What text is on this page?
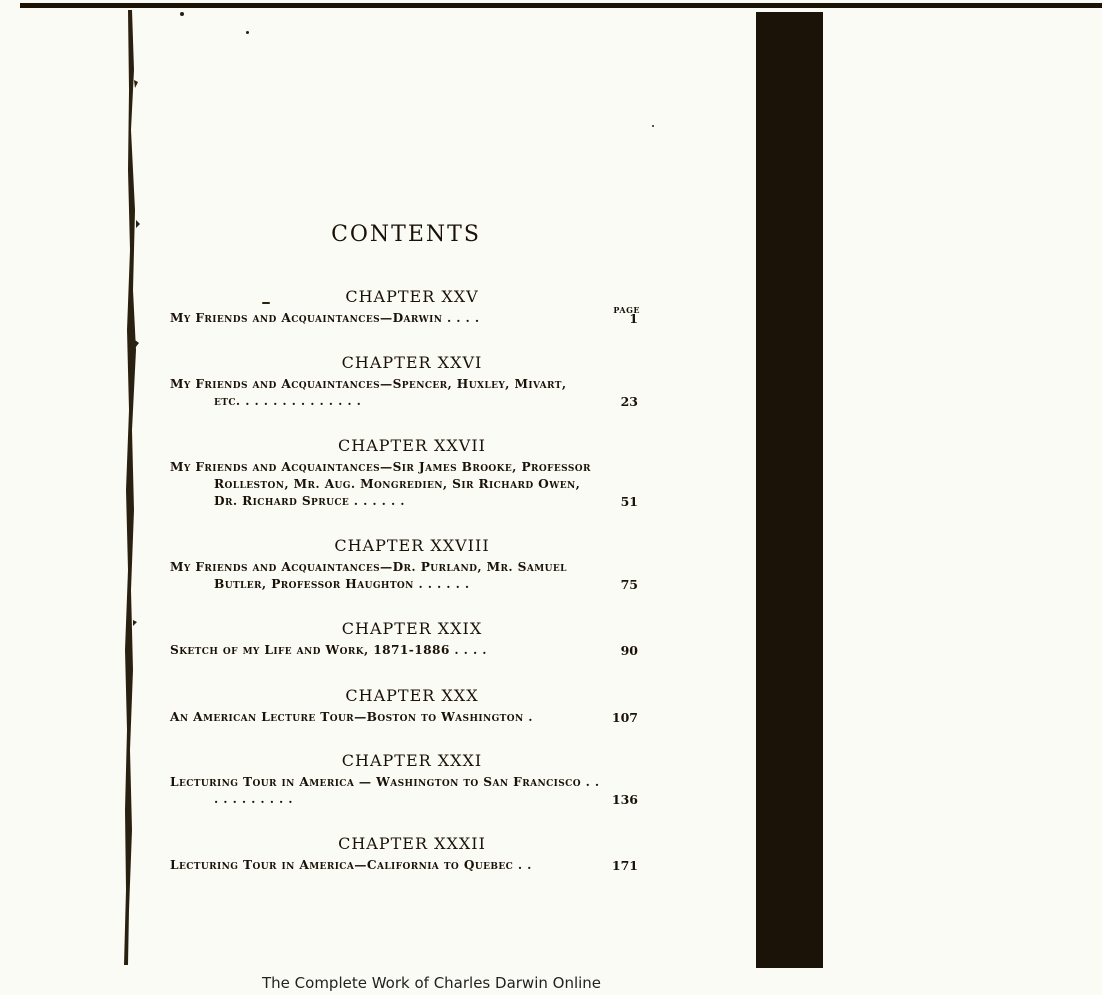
CONTENTS
PAGE
CHAPTER XXV
My Friends and Acquaintances—Darwin . . . .	1
CHAPTER XXVI
My Friends and Acquaintances—Spencer, Huxley, Mivart,
etc. . . . . . . . . . . . . .	23
CHAPTER XXVII
My Friends and Acquaintances—Sir James Brooke, Professor Rolleston, Mr. Aug. Mongredien, Sir Richard Owen, Dr. Richard Spruce . . . . . .	51
CHAPTER XXVIII
My Friends and Acquaintances—Dr. Purland, Mr. Samuel Butler, Professor Haughton . . . . . .	75
CHAPTER XXIX
Sketch of my Life and Work, 1871-1886 . . . .	90
CHAPTER XXX
An American Lecture Tour—Boston to Washington .	107
CHAPTER XXXI
Lecturing Tour in America — Washington to San Francisco . . . . . . . . . . .	136
CHAPTER XXXII
Lecturing Tour in America—California to Quebec . .	171
The Complete Work of Charles Darwin Online
